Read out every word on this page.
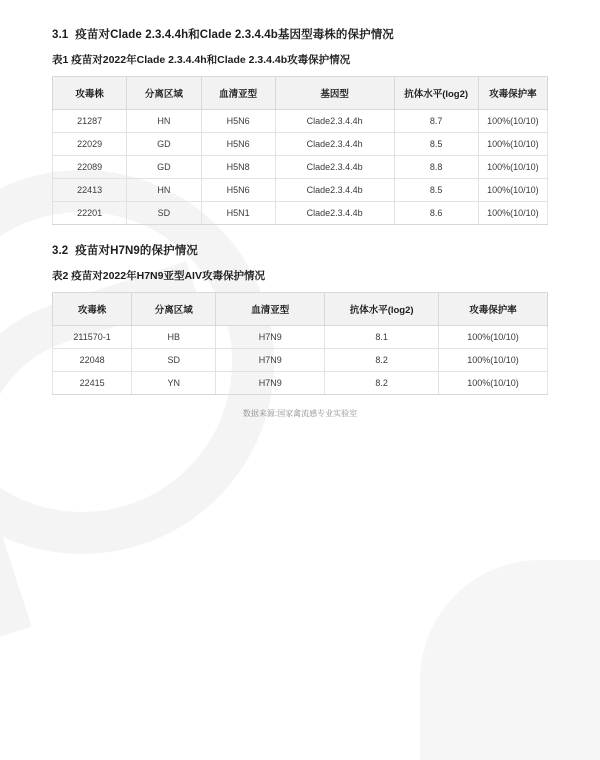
3.1 疫苗对Clade 2.3.4.4h和Clade 2.3.4.4b基因型毒株的保护情况
表1 疫苗对2022年Clade 2.3.4.4h和Clade 2.3.4.4b攻毒保护情况
攻毒株	分离区域	血清亚型	基因型	抗体水平(log2)	攻毒保护率
21287	HN	H5N6	Clade2.3.4.4h	8.7	100%(10/10)
22029	GD	H5N6	Clade2.3.4.4h	8.5	100%(10/10)
22089	GD	H5N8	Clade2.3.4.4b	8.8	100%(10/10)
22413	HN	H5N6	Clade2.3.4.4b	8.5	100%(10/10)
22201	SD	H5N1	Clade2.3.4.4b	8.6	100%(10/10)
3.2 疫苗对H7N9的保护情况
表2 疫苗对2022年H7N9亚型AIV攻毒保护情况
攻毒株	分离区域	血清亚型	抗体水平(log2)	攻毒保护率
211570-1	HB	H7N9	8.1	100%(10/10)
22048	SD	H7N9	8.2	100%(10/10)
22415	YN	H7N9	8.2	100%(10/10)
数据来源:国家禽流感专业实验室
